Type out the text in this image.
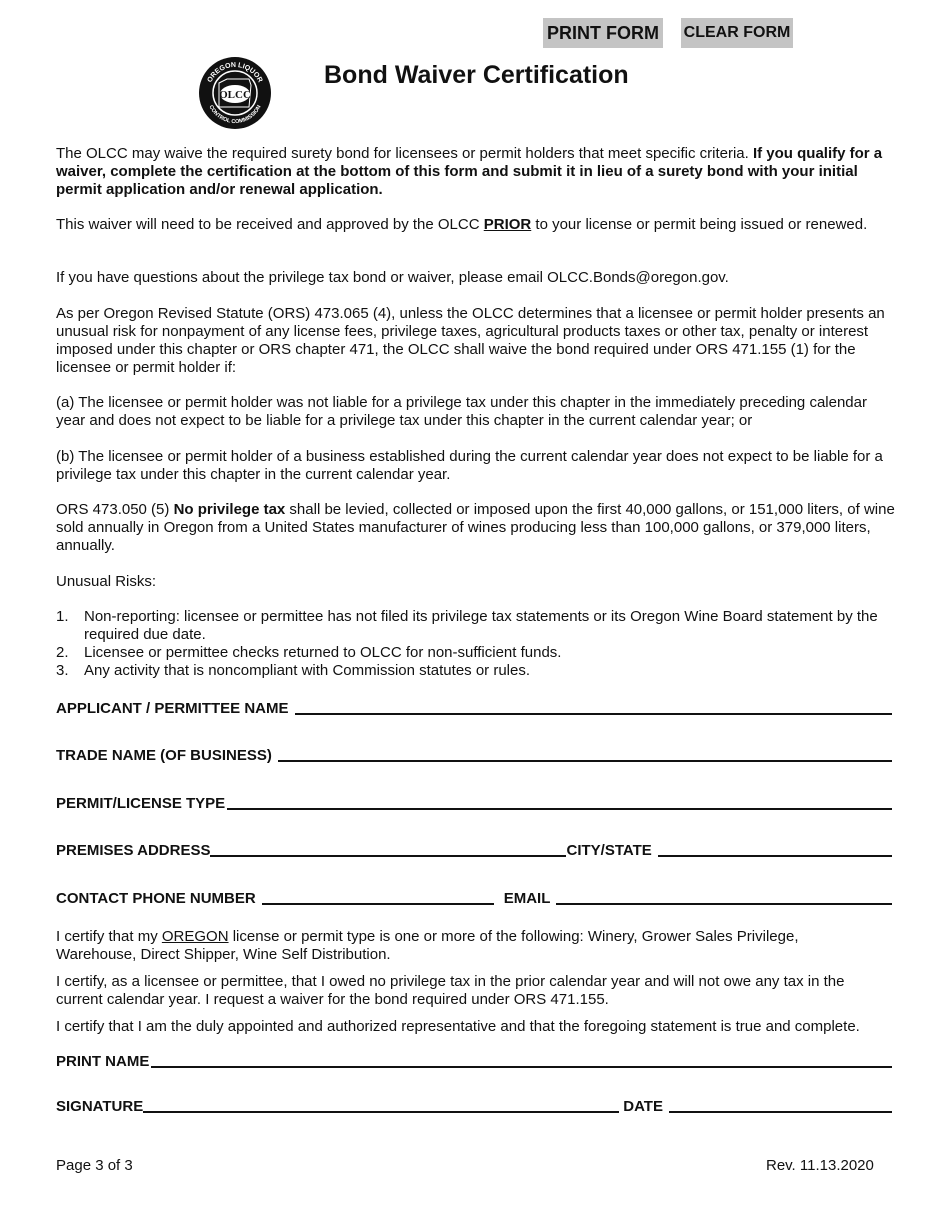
PRINT FORM CLEAR FORM
OLCC
OREGON LIQUOR
CONTROL COMMISSION
Bond Waiver Certification
The OLCC may waive the required surety bond for licensees or permit holders that meet specific criteria. If you qualify for a waiver, complete the certification at the bottom of this form and submit it in lieu of a surety bond with your initial permit application and/or renewal application.
This waiver will need to be received and approved by the OLCC PRIOR to your license or permit being issued or renewed.
If you have questions about the privilege tax bond or waiver, please email OLCC.Bonds@oregon.gov.
As per Oregon Revised Statute (ORS) 473.065 (4), unless the OLCC determines that a licensee or permit holder presents an unusual risk for nonpayment of any license fees, privilege taxes, agricultural products taxes or other tax, penalty or interest imposed under this chapter or ORS chapter 471, the OLCC shall waive the bond required under ORS 471.155 (1) for the licensee or permit holder if:
(a) The licensee or permit holder was not liable for a privilege tax under this chapter in the immediately preceding calendar year and does not expect to be liable for a privilege tax under this chapter in the current calendar year; or
(b) The licensee or permit holder of a business established during the current calendar year does not expect to be liable for a privilege tax under this chapter in the current calendar year.
ORS 473.050 (5) No privilege tax shall be levied, collected or imposed upon the first 40,000 gallons, or 151,000 liters, of wine sold annually in Oregon from a United States manufacturer of wines producing less than 100,000 gallons, or 379,000 liters, annually.
Unusual Risks:
1.	Non-reporting: licensee or permittee has not filed its privilege tax statements or its Oregon Wine Board statement by the required due date.
2.	Licensee or permittee checks returned to OLCC for non-sufficient funds.
3.	Any activity that is noncompliant with Commission statutes or rules.
APPLICANT / PERMITTEE NAME
TRADE NAME (OF BUSINESS)
PERMIT/LICENSE TYPE
PREMISES ADDRESS	CITY/STATE
CONTACT PHONE NUMBER	EMAIL
I certify that my OREGON license or permit type is one or more of the following: Winery, Grower Sales Privilege, Warehouse, Direct Shipper, Wine Self Distribution.
I certify, as a licensee or permittee, that I owed no privilege tax in the prior calendar year and will not owe any tax in the current calendar year. I request a waiver for the bond required under ORS 471.155.
I certify that I am the duly appointed and authorized representative and that the foregoing statement is true and complete.
PRINT NAME
SIGNATURE	DATE
Page 3 of 3	Rev. 11.13.2020
